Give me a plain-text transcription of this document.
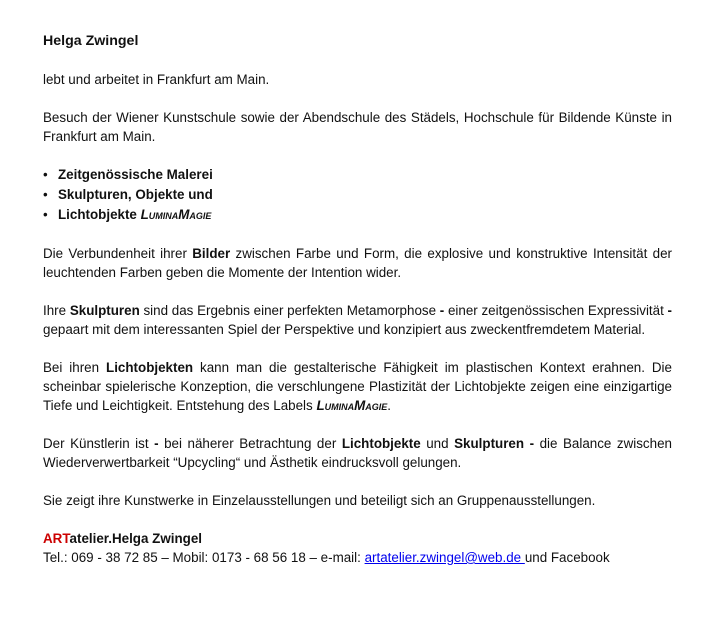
Helga Zwingel

lebt und arbeitet in Frankfurt am Main.

Besuch der Wiener Kunstschule sowie der Abendschule des Städels, Hochschule für Bildende Künste in Frankfurt am Main.

• Zeitgenössische Malerei
• Skulpturen, Objekte und
• Lichtobjekte LuminaMagie

Die Verbundenheit ihrer Bilder zwischen Farbe und Form, die explosive und konstruktive Intensität der leuchtenden Farben geben die Momente der Intention wider.

Ihre Skulpturen sind das Ergebnis einer perfekten Metamorphose - einer zeitgenössischen Expressivität - gepaart mit dem interessanten Spiel der Perspektive und konzipiert aus zweckentfremdetem Material.

Bei ihren Lichtobjekten kann man die gestalterische Fähigkeit im plastischen Kontext erahnen. Die scheinbar spielerische Konzeption, die verschlungene Plastizität der Lichtobjekte zeigen eine einzigartige Tiefe und Leichtigkeit. Entstehung des Labels LuminaMagie.

Der Künstlerin ist - bei näherer Betrachtung der Lichtobjekte und Skulpturen - die Balance zwischen Wiederverwertbarkeit “Upcycling“ und Ästhetik eindrucksvoll gelungen.

Sie zeigt ihre Kunstwerke in Einzelausstellungen und beteiligt sich an Gruppenausstellungen.

ARTatelier.Helga Zwingel

Tel.: 069 - 38 72 85 – Mobil: 0173 - 68 56 18 – e-mail: artatelier.zwingel@web.de und Facebook
